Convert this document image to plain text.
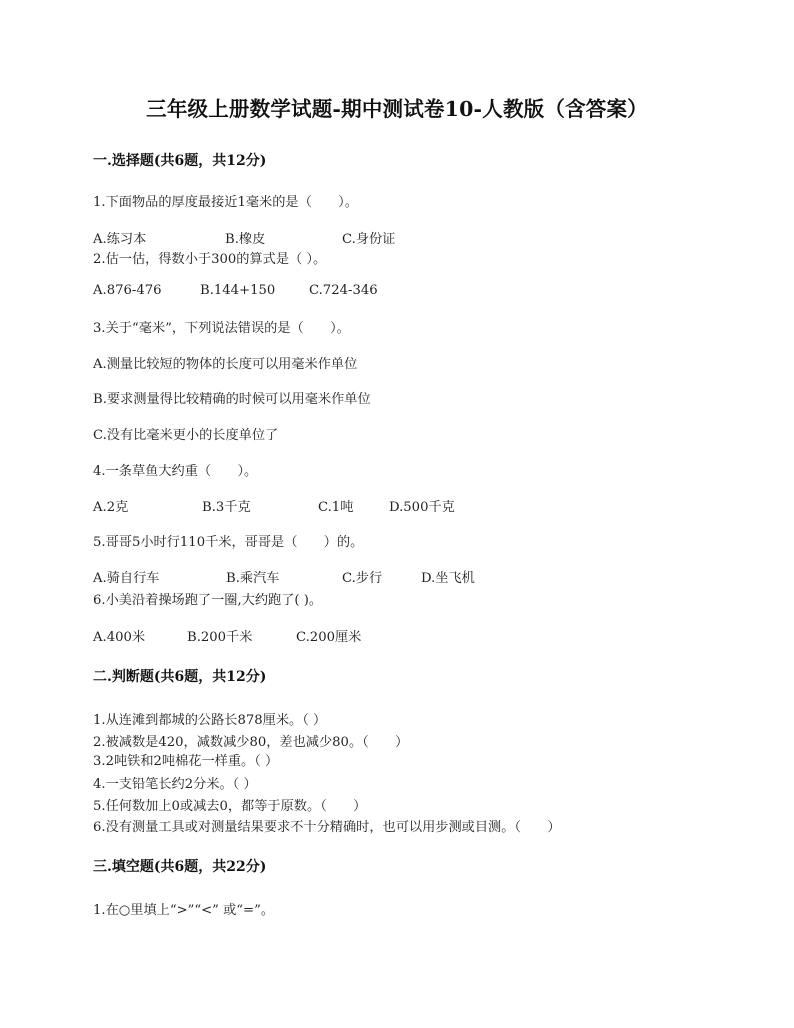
三年级上册数学试题-期中测试卷10-人教版（含答案）
一.选择题(共6题，共12分)
1.下面物品的厚度最接近1毫米的是（　　）。
A.练习本	B.橡皮	C.身份证
2.估一估，得数小于300的算式是（ ）。
A.876-476	B.144+150	C.724-346
3.关于“毫米”，下列说法错误的是（　　）。
A.测量比较短的物体的长度可以用毫米作单位
B.要求测量得比较精确的时候可以用毫米作单位
C.没有比毫米更小的长度单位了
4.一条草鱼大约重（　　）。
A.2克	B.3千克	C.1吨	D.500千克
5.哥哥5小时行110千米，哥哥是（　　）的。
A.骑自行车	B.乘汽车	C.步行	D.坐飞机
6.小美沿着操场跑了一圈,大约跑了( )。
A.400米	B.200千米	C.200厘米
二.判断题(共6题，共12分)
1.从连滩到都城的公路长878厘米。（ ）
2.被减数是420，减数减少80，差也减少80。（　　）
3.2吨铁和2吨棉花一样重。（ ）
4.一支铅笔长约2分米。（ ）
5.任何数加上0或减去0，都等于原数。（　　）
6.没有测量工具或对测量结果要求不十分精确时，也可以用步测或目测。（　　）
三.填空题(共6题，共22分)
1.在○里填上“>”“<” 或“=”。
